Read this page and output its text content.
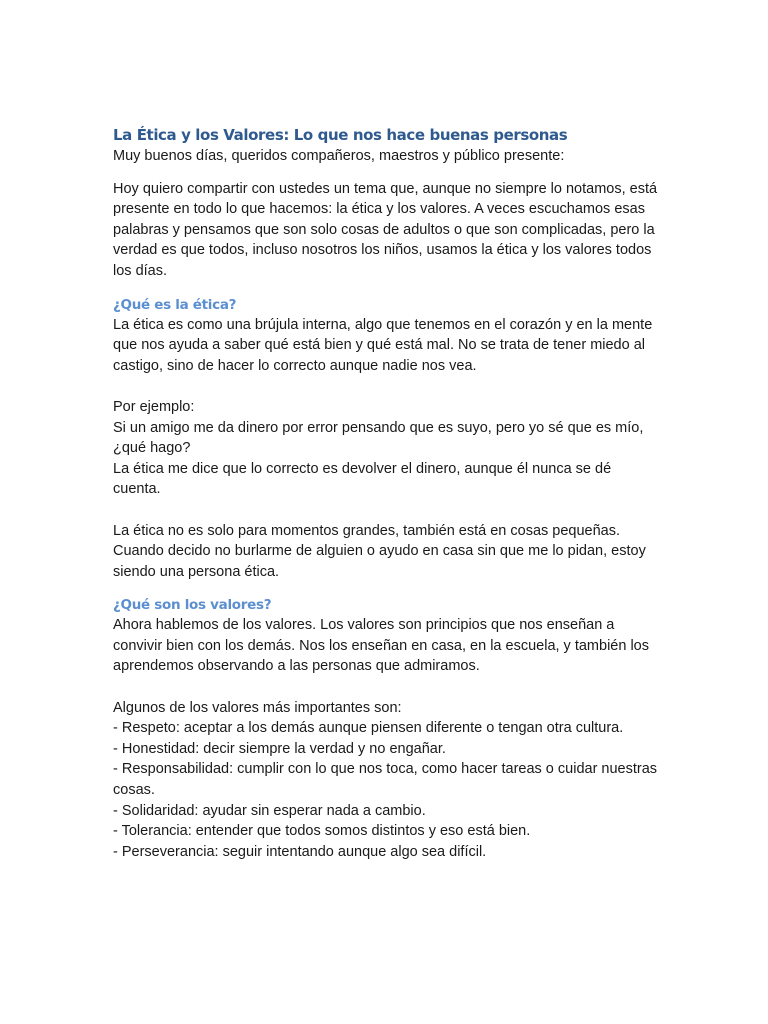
La Ética y los Valores: Lo que nos hace buenas personas

Muy buenos días, queridos compañeros, maestros y público presente:

Hoy quiero compartir con ustedes un tema que, aunque no siempre lo notamos, está presente en todo lo que hacemos: la ética y los valores. A veces escuchamos esas palabras y pensamos que son solo cosas de adultos o que son complicadas, pero la verdad es que todos, incluso nosotros los niños, usamos la ética y los valores todos los días.

¿Qué es la ética?

La ética es como una brújula interna, algo que tenemos en el corazón y en la mente que nos ayuda a saber qué está bien y qué está mal. No se trata de tener miedo al castigo, sino de hacer lo correcto aunque nadie nos vea.

Por ejemplo:

Si un amigo me da dinero por error pensando que es suyo, pero yo sé que es mío, ¿qué hago?

La ética me dice que lo correcto es devolver el dinero, aunque él nunca se dé cuenta.

La ética no es solo para momentos grandes, también está en cosas pequeñas. Cuando decido no burlarme de alguien o ayudo en casa sin que me lo pidan, estoy siendo una persona ética.

¿Qué son los valores?

Ahora hablemos de los valores. Los valores son principios que nos enseñan a convivir bien con los demás. Nos los enseñan en casa, en la escuela, y también los aprendemos observando a las personas que admiramos.

Algunos de los valores más importantes son:

- Respeto: aceptar a los demás aunque piensen diferente o tengan otra cultura.
- Honestidad: decir siempre la verdad y no engañar.
- Responsabilidad: cumplir con lo que nos toca, como hacer tareas o cuidar nuestras cosas.
- Solidaridad: ayudar sin esperar nada a cambio.
- Tolerancia: entender que todos somos distintos y eso está bien.
- Perseverancia: seguir intentando aunque algo sea difícil.
